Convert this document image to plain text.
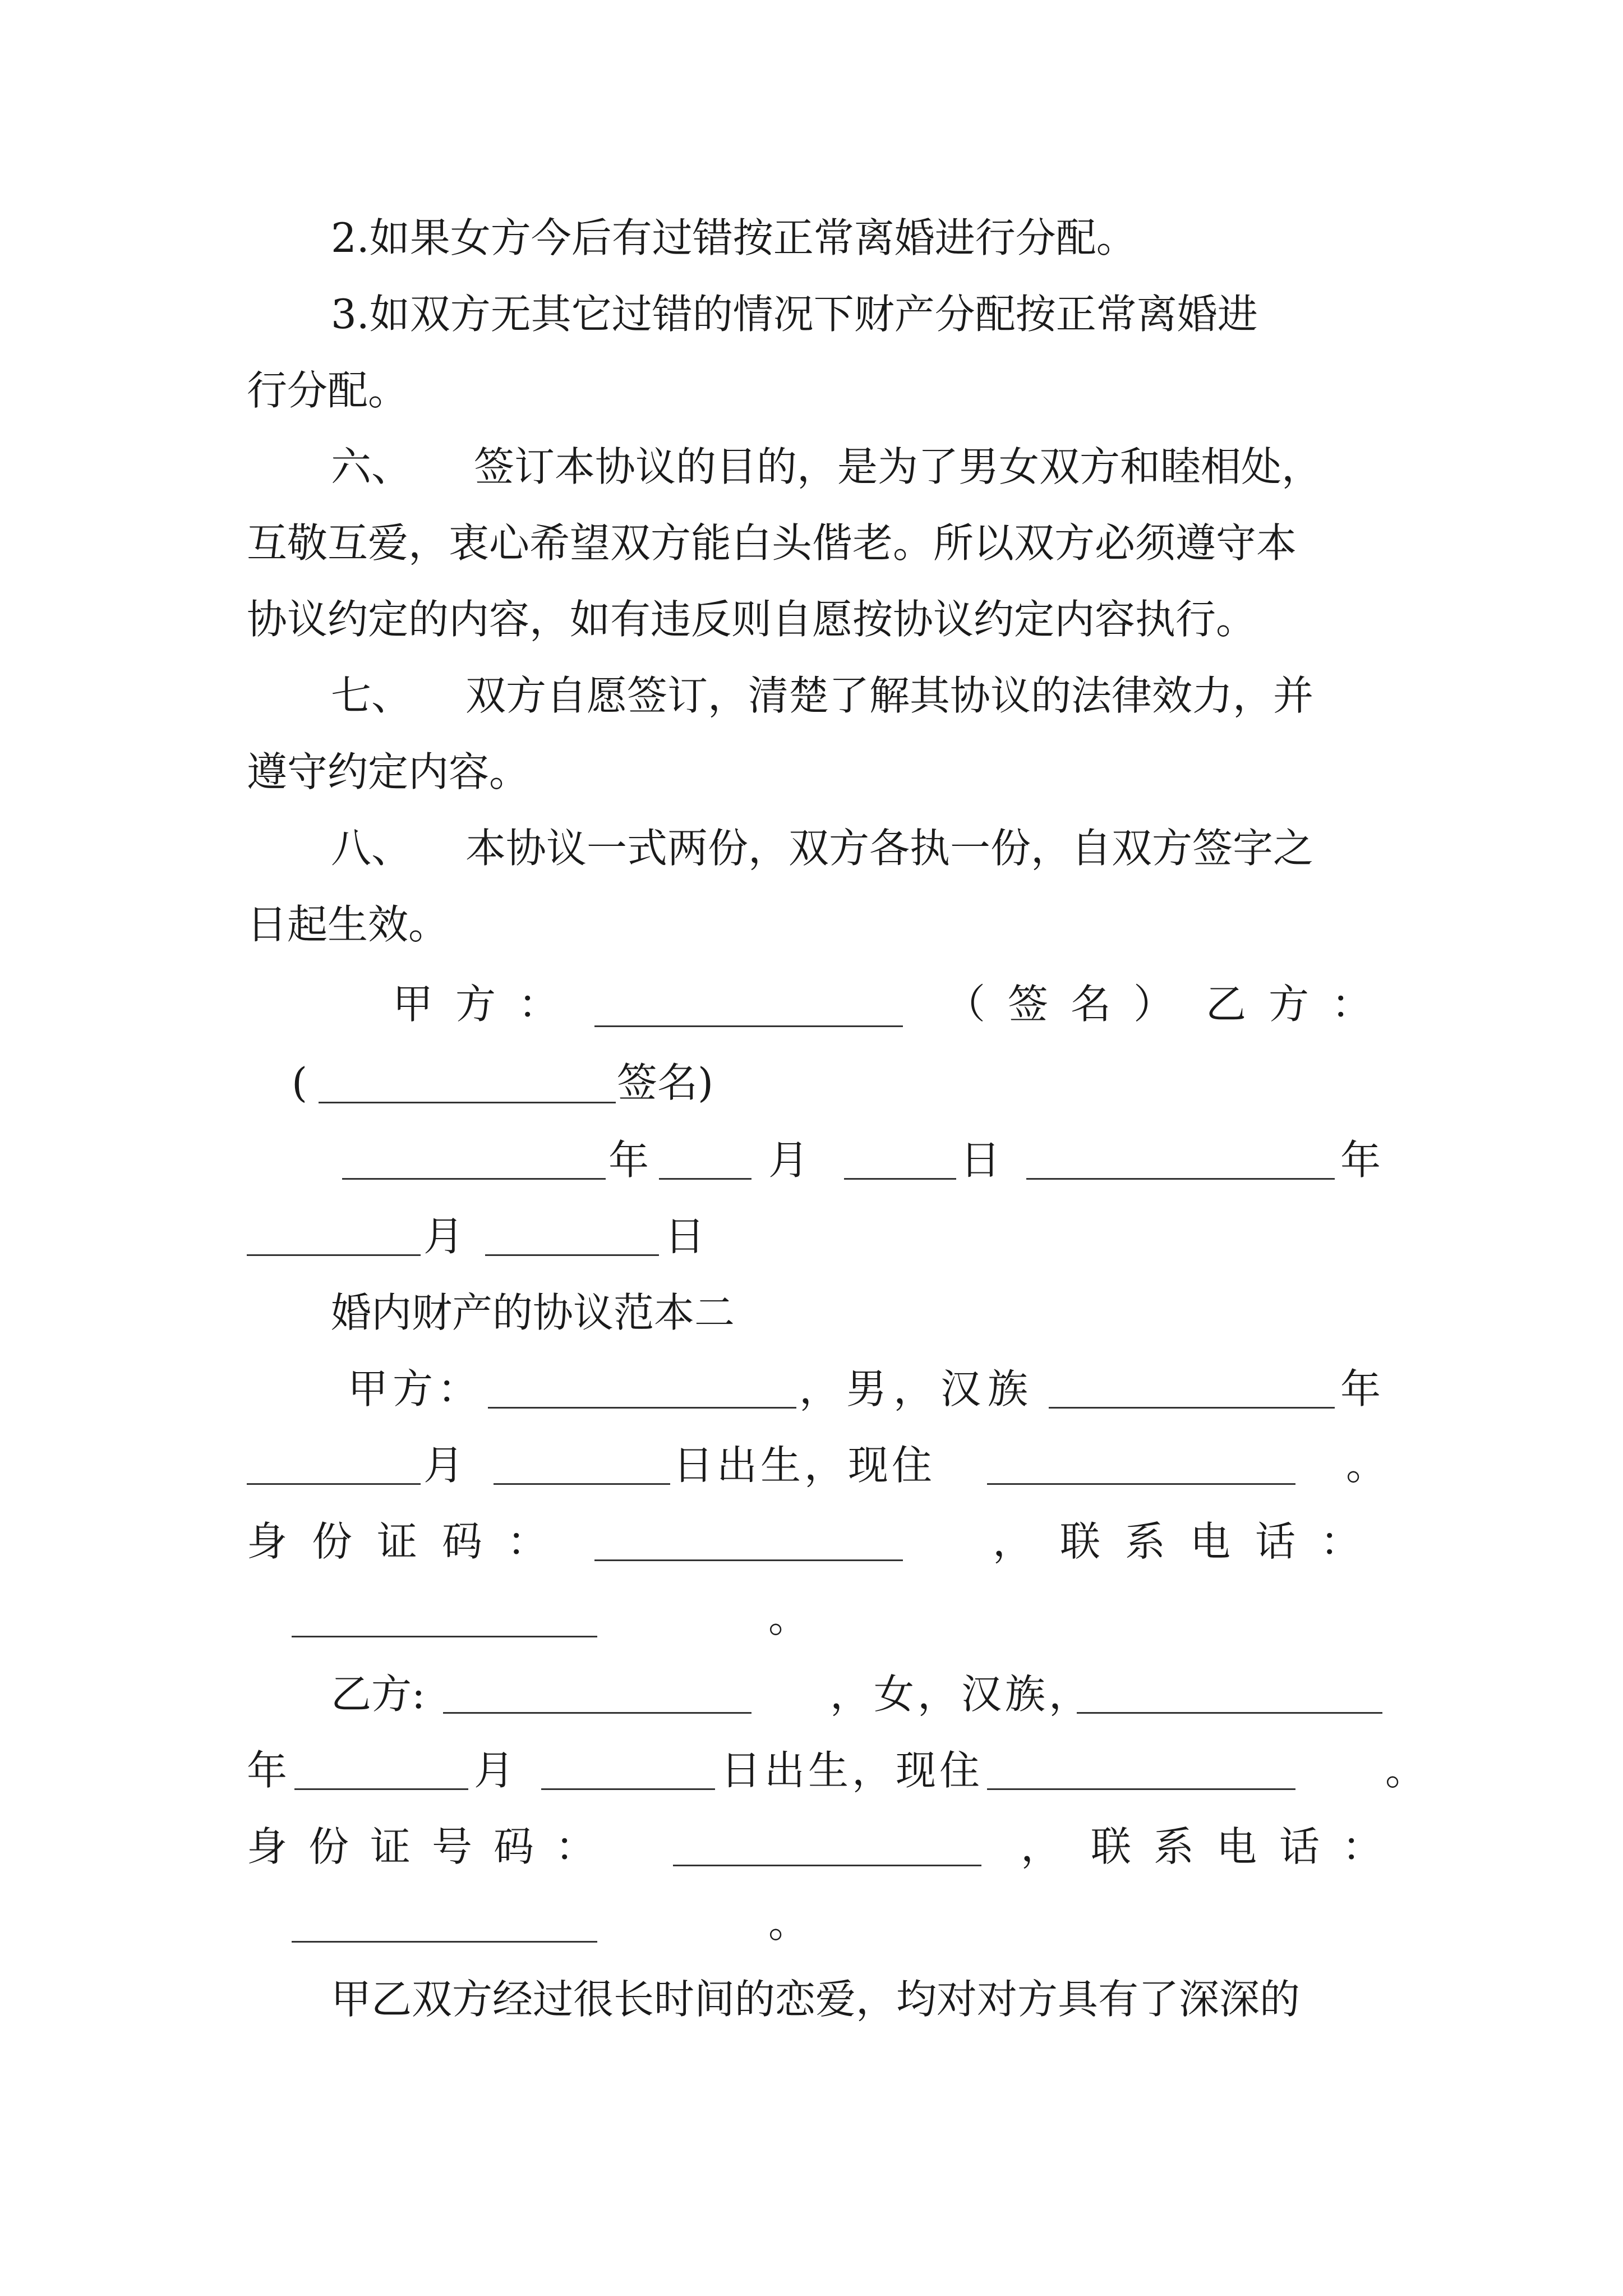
2.如果女方今后有过错按正常离婚进行分配。
3.如双方无其它过错的情况下财产分配按正常离婚进
行分配。
六、 签订本协议的目的，是为了男女双方和睦相处，
互敬互爱，衷心希望双方能白头偕老。所以双方必须遵守本
协议约定的内容，如有违反则自愿按协议约定内容执行。
七、 双方自愿签订，清楚了解其协议的法律效力，并
遵守约定内容。
八、 本协议一式两份，双方各执一份，自双方签字之
日起生效。
甲方：	（签名） 乙方：
(	签名)
年	月	日	年
月	日
婚内财产的协议范本二
甲方：	，男，汉族	年
月	日出生，现住	。
身份证码：	， 联系电话：
。
乙方:	，女，汉族，
年	月	日出生，现住	。
身份证号码：	， 联系电话：
。
甲乙双方经过很长时间的恋爱，均对对方具有了深深的
